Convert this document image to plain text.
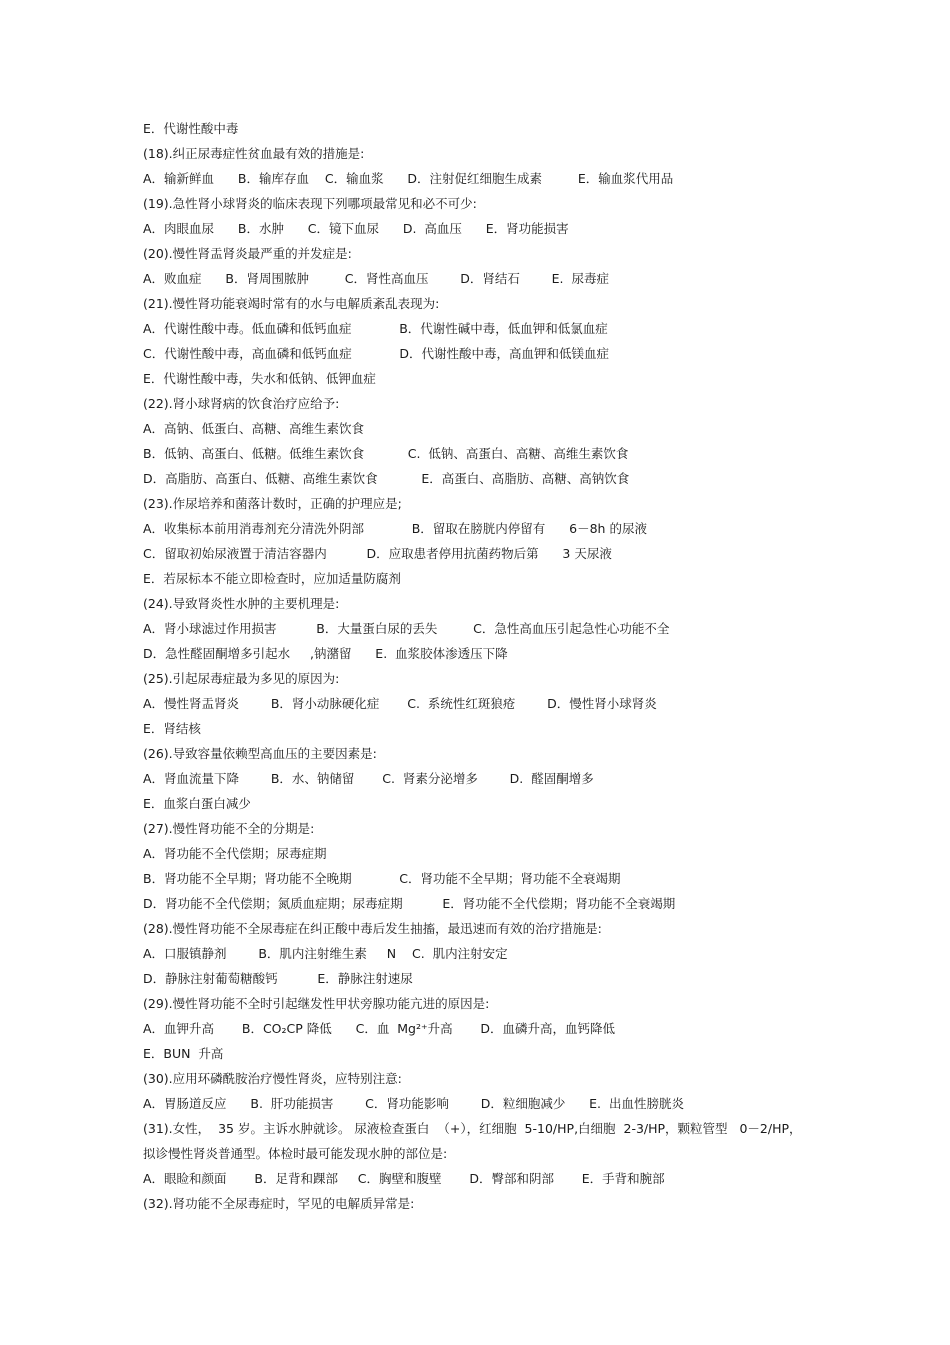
E．代谢性酸中毒
(18).纠正尿毒症性贫血最有效的措施是:
A．输新鲜血      B．输库存血    C．输血浆      D．注射促红细胞生成素         E．输血浆代用品
(19).急性肾小球肾炎的临床表现下列哪项最常见和必不可少:
A．肉眼血尿      B．水肿      C．镜下血尿      D.  高血压      E．肾功能损害
(20).慢性肾盂肾炎最严重的并发症是:
A．败血症      B．肾周围脓肿         C．肾性高血压        D．肾结石        E.  尿毒症
(21).慢性肾功能衰竭时常有的水与电解质紊乱表现为:
A．代谢性酸中毒。低血磷和低钙血症            B．代谢性碱中毒，低血钾和低氯血症
C．代谢性酸中毒，高血磷和低钙血症            D．代谢性酸中毒，高血钾和低镁血症
E．代谢性酸中毒，失水和低钠、低钾血症
(22).肾小球肾病的饮食治疗应给予:
A．高钠、低蛋白、高糖、高维生素饮食
B．低钠、高蛋白、低糖。低维生素饮食           C.  低钠、高蛋白、高糖、高维生素饮食
D．高脂肪、高蛋白、低糖、高维生素饮食           E．高蛋白、高脂肪、高糖、高钠饮食
(23).作尿培养和菌落计数时，正确的护理应是;
A．收集标本前用消毒剂充分清洗外阴部            B．留取在膀胱内停留有      6－8h 的尿液
C．留取初始尿液置于清洁容器内          D．应取患者停用抗菌药物后第      3 天尿液
E．若尿标本不能立即检查时，应加适量防腐剂
(24).导致肾炎性水肿的主要机理是:
A．肾小球滤过作用损害          B．大量蛋白尿的丢失         C．急性高血压引起急性心功能不全
D．急性醛固酮增多引起水     ,钠潴留      E.  血浆胶体渗透压下降
(25).引起尿毒症最为多见的原因为:
A．慢性肾盂肾炎        B．肾小动脉硬化症       C.  系统性红斑狼疮        D．慢性肾小球肾炎
E．肾结核
(26).导致容量依赖型高血压的主要因素是:
A．肾血流量下降        B．水、钠储留       C.  肾素分泌增多        D.  醛固酮增多
E．血浆白蛋白减少
(27).慢性肾功能不全的分期是:
A．肾功能不全代偿期；尿毒症期
B．肾功能不全早期；肾功能不全晚期            C．肾功能不全早期；肾功能不全衰竭期
D．肾功能不全代偿期；氮质血症期；尿毒症期          E．肾功能不全代偿期；肾功能不全衰竭期
(28).慢性肾功能不全尿毒症在纠正酸中毒后发生抽搐，最迅速而有效的治疗措施是:
A．口服镇静剂        B．肌内注射维生素     N    C.  肌内注射安定
D．静脉注射葡萄糖酸钙          E．静脉注射速尿
(29).慢性肾功能不全时引起继发性甲状旁腺功能亢进的原因是:
A．血钾升高       B．CO₂CP 降低      C．血  Mg²⁺升高       D．血磷升高，血钙降低
E．BUN  升高
(30).应用环磷酰胺治疗慢性肾炎，应特别注意:
A．胃肠道反应      B.  肝功能损害        C．肾功能影响        D．粒细胞减少      E.  出血性膀胱炎
(31).女性，  35 岁。主诉水肿就诊。 尿液检查蛋白  （+），红细胞  5-10/HP,白细胞  2-3/HP，颗粒管型   0－2/HP，
拟诊慢性肾炎普通型。体检时最可能发现水肿的部位是:
A．眼睑和颜面       B．足背和踝部     C．胸壁和腹壁       D．臀部和阴部       E．手背和腕部
(32).肾功能不全尿毒症时，罕见的电解质异常是:
